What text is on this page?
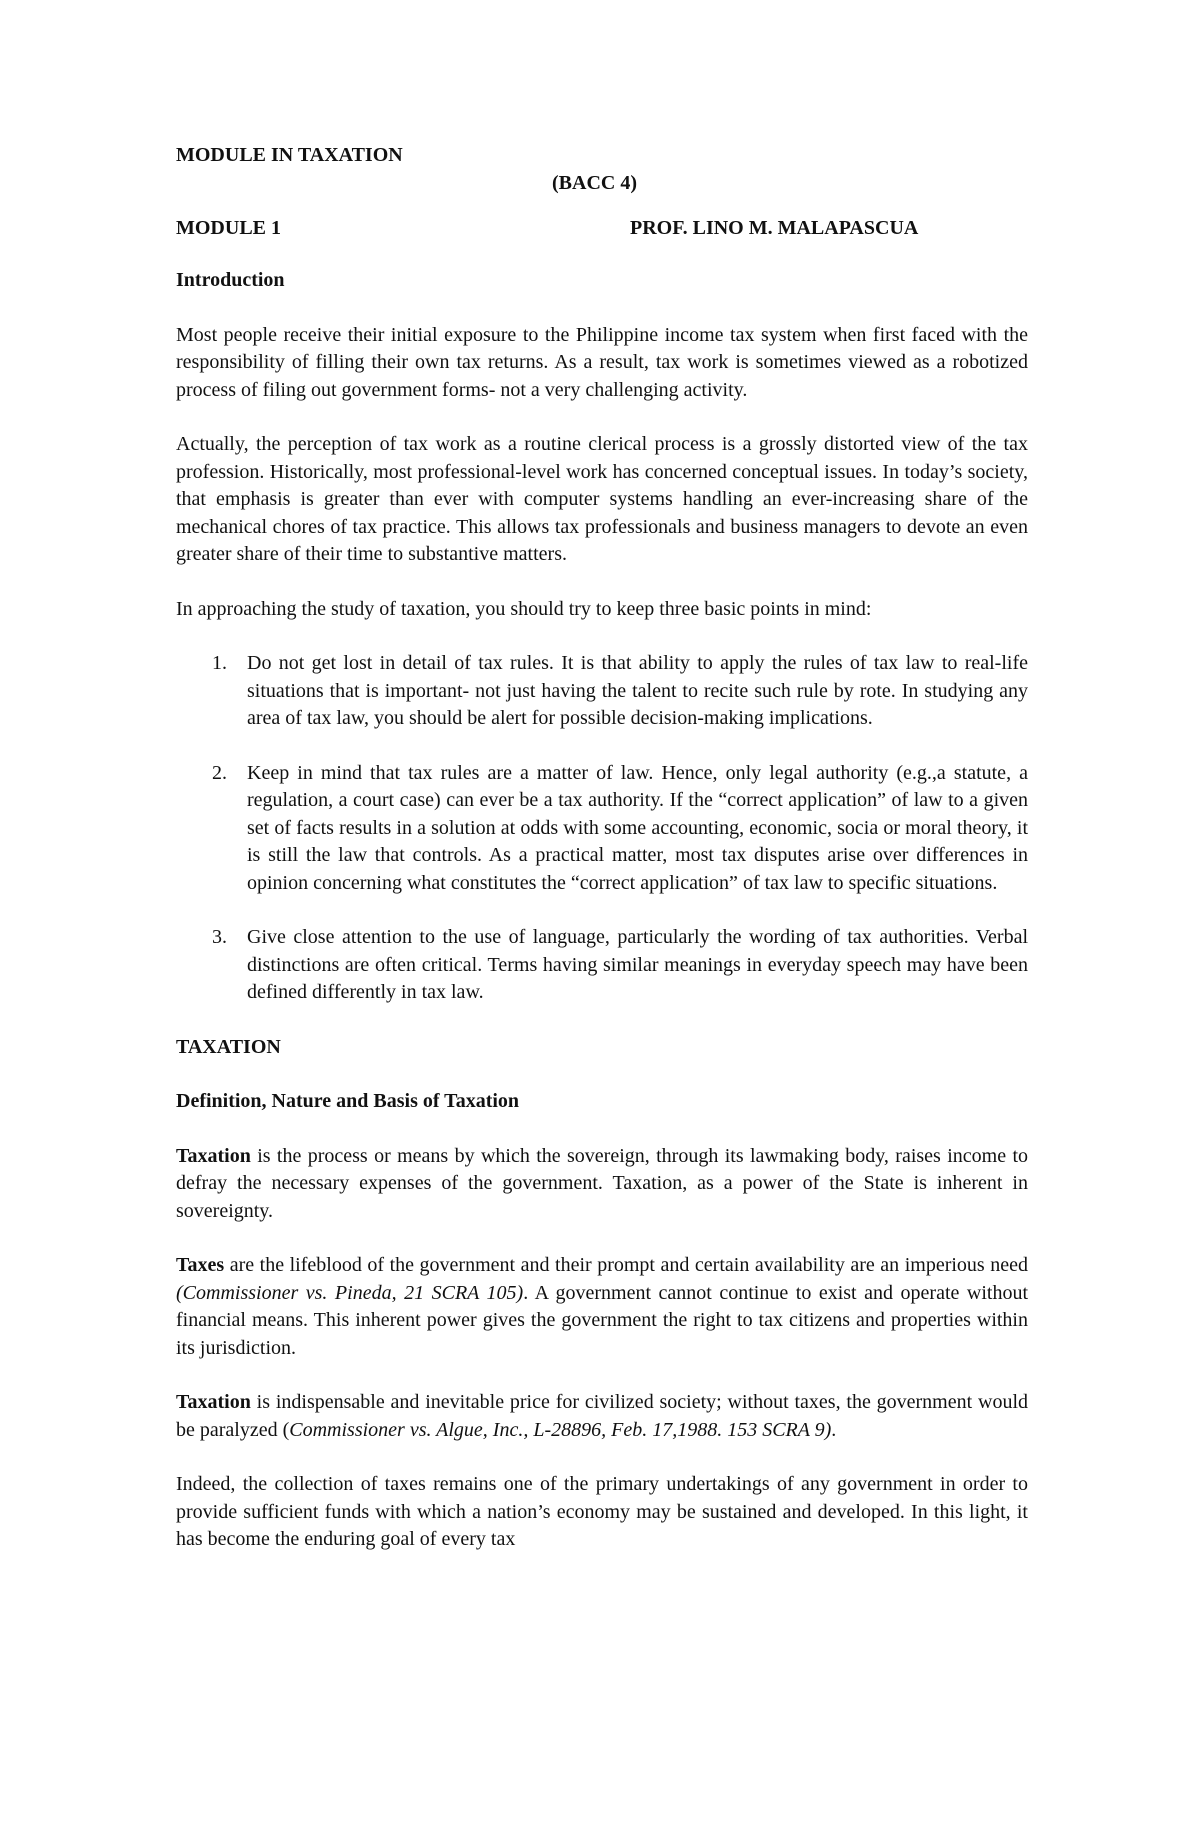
MODULE IN TAXATION

(BACC 4)

MODULE 1	PROF. LINO M. MALAPASCUA

Introduction

Most people receive their initial exposure to the Philippine income tax system when first faced with the responsibility of filling their own tax returns. As a result, tax work is sometimes viewed as a robotized process of filing out government forms- not a very challenging activity.

Actually, the perception of tax work as a routine clerical process is a grossly distorted view of the tax profession. Historically, most professional-level work has concerned conceptual issues. In today’s society, that emphasis is greater than ever with computer systems handling an ever-increasing share of the mechanical chores of tax practice. This allows tax professionals and business managers to devote an even greater share of their time to substantive matters.

In approaching the study of taxation, you should try to keep three basic points in mind:

1. Do not get lost in detail of tax rules. It is that ability to apply the rules of tax law to real-life situations that is important- not just having the talent to recite such rule by rote. In studying any area of tax law, you should be alert for possible decision-making implications.
2. Keep in mind that tax rules are a matter of law. Hence, only legal authority (e.g.,a statute, a regulation, a court case) can ever be a tax authority. If the “correct application” of law to a given set of facts results in a solution at odds with some accounting, economic, socia or moral theory, it is still the law that controls. As a practical matter, most tax disputes arise over differences in opinion concerning what constitutes the “correct application” of tax law to specific situations.
3. Give close attention to the use of language, particularly the wording of tax authorities. Verbal distinctions are often critical. Terms having similar meanings in everyday speech may have been defined differently in tax law.

TAXATION

Definition, Nature and Basis of Taxation

Taxation is the process or means by which the sovereign, through its lawmaking body, raises income to defray the necessary expenses of the government. Taxation, as a power of the State is inherent in sovereignty.

Taxes are the lifeblood of the government and their prompt and certain availability are an imperious need (Commissioner vs. Pineda, 21 SCRA 105). A government cannot continue to exist and operate without financial means. This inherent power gives the government the right to tax citizens and properties within its jurisdiction.

Taxation is indispensable and inevitable price for civilized society; without taxes, the government would be paralyzed (Commissioner vs. Algue, Inc., L-28896, Feb. 17,1988. 153 SCRA 9).

Indeed, the collection of taxes remains one of the primary undertakings of any government in order to provide sufficient funds with which a nation’s economy may be sustained and developed. In this light, it has become the enduring goal of every tax
